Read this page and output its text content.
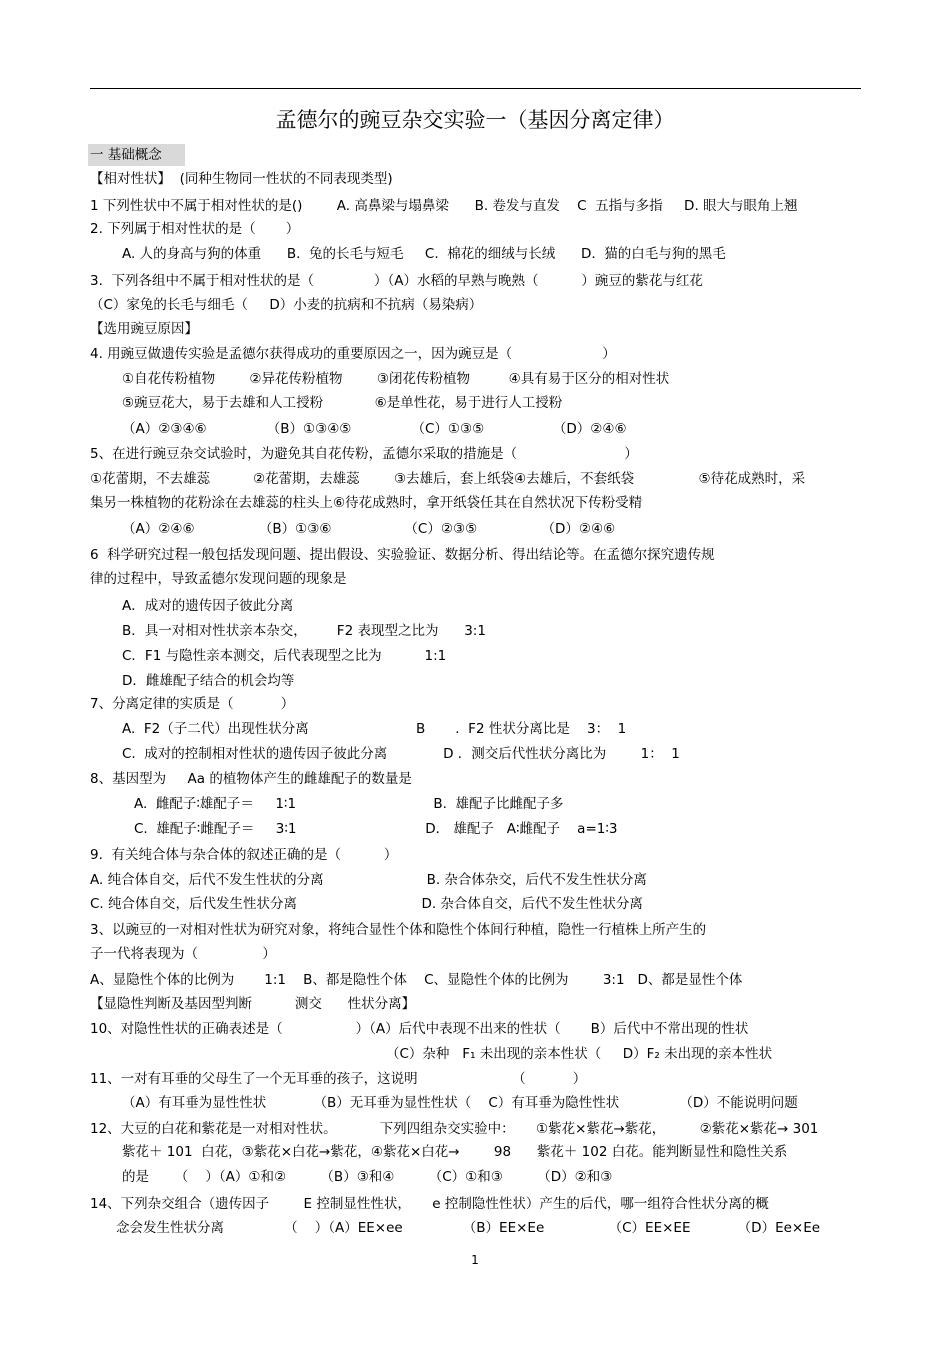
孟德尔的豌豆杂交实验一（基因分离定律）
一 基础概念
【相对性状】  (同种生物同一性状的不同表现类型)
1 下列性状中不属于相对性状的是()        A. 高鼻梁与塌鼻梁      B. 卷发与直发    C  五指与多指     D. 眼大与眼角上翘
2. 下列属于相对性状的是（       ）
A. 人的身高与狗的体重      B.  兔的长毛与短毛     C.  棉花的细绒与长绒      D.  猫的白毛与狗的黑毛
3.  下列各组中不属于相对性状的是（              ）（A）水稻的早熟与晚熟（          ）豌豆的紫花与红花
（C）家兔的长毛与细毛（     D）小麦的抗病和不抗病（易染病）
【选用豌豆原因】
4. 用豌豆做遗传实验是孟德尔获得成功的重要原因之一，因为豌豆是（                     ）
①自花传粉植物        ②异花传粉植物        ③闭花传粉植物         ④具有易于区分的相对性状
⑤豌豆花大，易于去雄和人工授粉            ⑥是单性花，易于进行人工授粉
（A）②③④⑥              （B）①③④⑤              （C）①③⑤                （D）②④⑥
5、在进行豌豆杂交试验时，为避免其自花传粉，孟德尔采取的措施是（                         ）
①花蕾期，不去雄蕊          ②花蕾期，去雄蕊        ③去雄后，套上纸袋④去雄后，不套纸袋               ⑤待花成熟时，采
集另一株植物的花粉涂在去雄蕊的柱头上⑥待花成熟时，拿开纸袋任其在自然状况下传粉受精
（A）②④⑥               （B）①③⑥                 （C）②③⑤               （D）②④⑥
6  科学研究过程一般包括发现问题、提出假设、实验验证、数据分析、得出结论等。在孟德尔探究遗传规
律的过程中，导致孟德尔发现问题的现象是
A．成对的遗传因子彼此分离
B．具一对相对性状亲本杂交，       F2 表现型之比为      3:1
C．F1 与隐性亲本测交，后代表现型之比为          1:1
D．雌雄配子结合的机会均等
7、分离定律的实质是（           ）
A.  F2（子二代）出现性状分离                         B       .  F2 性状分离比是    3：  1
C.  成对的控制相对性状的遗传因子彼此分离             D ．测交后代性状分离比为        1：  1
8、基因型为     Aa 的植物体产生的雌雄配子的数量是
A.  雌配子∶雄配子＝     1∶1                                B.  雄配子比雌配子多
C.  雄配子∶雌配子＝     3∶1                              D． 雄配子   A∶雌配子    a=1∶3
9.  有关纯合体与杂合体的叙述正确的是（          ）
A. 纯合体自交，后代不发生性状的分离                        B. 杂合体杂交，后代不发生性状分离
C. 纯合体自交，后代发生性状分离                             D. 杂合体自交，后代不发生性状分离
3、以豌豆的一对相对性状为研究对象，将纯合显性个体和隐性个体间行种植，隐性一行植株上所产生的
子一代将表现为（               ）
A、显隐性个体的比例为       1:1    B、都是隐性个体    C、显隐性个体的比例为        3:1   D、都是显性个体
【显隐性判断及基因型判断          测交      性状分离】
10、对隐性性状的正确表述是（                 ）（A）后代中表现不出来的性状（       B）后代中不常出现的性状
（C）杂种   F₁ 未出现的亲本性状（     D）F₂ 未出现的亲本性状
11、一对有耳垂的父母生了一个无耳垂的孩子，这说明                      （           ）
（A）有耳垂为显性性状           （B）无耳垂为显性性状（    C）有耳垂为隐性性状              （D）不能说明问题
12、大豆的白花和紫花是一对相对性状。          下列四组杂交实验中：     ①紫花×紫花→紫花，        ②紫花×紫花→ 301
紫花＋ 101  白花，③紫花×白花→紫花，④紫花×白花→        98      紫花＋ 102 白花。能判断显性和隐性关系
的是      （    ）（A）①和②        （B）③和④        （C）①和③        （D）②和③
14、下列杂交组合（遗传因子        E 控制显性性状，     e 控制隐性性状）产生的后代，哪一组符合性状分离的概
念会发生性状分离              （    ）（A）EE×ee              （B）EE×Ee               （C）EE×EE           （D）Ee×Ee
1
